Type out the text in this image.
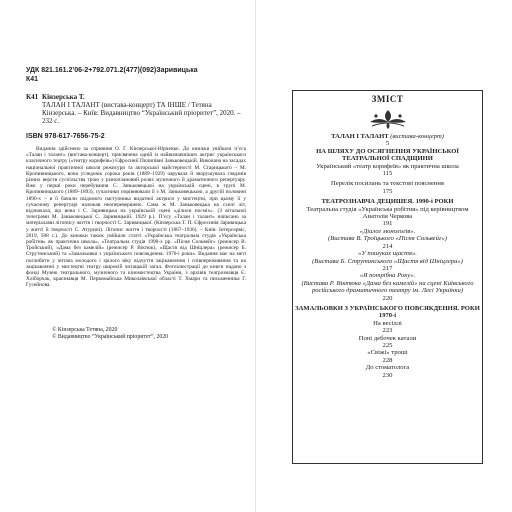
УДК 821.161.2’06-2+792.071.2(477)(092)Заривицька
К41
К41 Кінзерська Т.
ТАЛАН І ТАЛАНТ (вистава-концерт) ТА ІНШЕ / Тетяна Кінзерська. – Київ: Видавництво “Український пріоритет”, 2020. – 232 с.
ISBN 978-617-7656-75-2
Видання здійснено за сприяння О. Г. Кінзерської-Юрченко. До книжки увійшли п’єса «Талан і талант» (вистава-концерт), присвячена одній із найвизначніших актрис українського класичного театру («театру корифеїв») Єфросинії Пилипівні Заньковецькій. Виконана на засадах національної практичної школи режисури та акторської майстерності М. Старицького – М. Кропивницького, вона угледоюк сорока років (1889–1929) чарувала й зворушувала глядачів різних верств суспільства трою у різноплановий ролях музичного й драматичного репертуару. Вже у перші роки перебування С. Заньковецької на українській сцені, в трупі М. Кропивницького (1889–1893), сучасники порівнювали її з М. Заньковецькою, а другій половині 1890-х – в її бачили свідомого наступника видатної актриси у мистецтві, при цьому її у сучасному репертуарі належав неоперевершено. Сама ж М. Заньковецька на схилі літ, відзначала, що вона і С. Заривицька на українській сцені «ділили посміх». (З вітальної телеграми М. Заньковецької С. Заривицькій. 1929 р.). П’єсу «Талан і талант» написано за матеріалами літопису життя і творчості С. Заривицької. (Кінзерська Т. П. Єфросинія Заривицька у житті й творчості С. Атурипі). Літопис життя і творчості (1867–1936). – Київ: Інтерсервіс, 2019, 588 с.). До книжки також увійшли статті «Українська театральна студія «Українська робітня» як практична школа», «Театральна студія 1990-х рр. «Пісня Сольвейг» (режисер В. Тройський), «Дама без камелій» (режисер Р. Віктюк), «Щастя від Шніцлера» (режисер Б. Струтинський) та «Замальовки з українського повсякдення. 1970-і роки». Видання має на меті поглибити у читача молодого і зрілого віку відчуття зацікавлення і співпереживання та на зацікавленні у мистецтві театру широкій читацькій загал. Фотоілюстрації до книги надано з фонді Музею театрального, музичного та кіномистецтва України, з архівів театрознавця Є. Хліборчак, краєзнавця М. Первомайська Миколаївської області Т. Хмари та письменника Г. Гусейнова.
© Кінзерська Тетяна, 2020
© Видавництво “Український пріоритет”, 2020
ЗМІСТ
ТАЛАН І ТАЛАНТ (вистава-концерт)
5
НА ШЛЯХУ ДО ОСЯГНЕННЯ УКРАЇНСЬКОЇ ТЕАТРАЛЬНОЇ СПАДЩИНИ
Український «театр корифеїв» як практична школа
115
Перелік посилань та текстові пояснення
175
ТЕАТРОЗНАВЧА ДЕЦИШЕЯ. 1990-і РОКИ
Театральна студія «Українська робітня» під керівництвом Анатолія Черкова
191
«Діалог монологів».
(Вистава В. Троїцького «Пісня Сольвейг»)
214
«У пошуках щастя».
(Вистава Б. Струтинського «Щастя від Шніцлера»)
217
«Я потрібна Року».
(Вистава Р. Віктюка «Дама без камелій» на сцені Київського російського драматичного театру ім. Лесі Українки)
220
ЗАМАЛЬОВКИ З УКРАЇНСЬКОГО ПОВСЯКДЕННЯ. РОКИ 1970-і
На весіллі
223
Поні дебочек катали
225
«Свіжі» троші
228
До стоматолога
230
